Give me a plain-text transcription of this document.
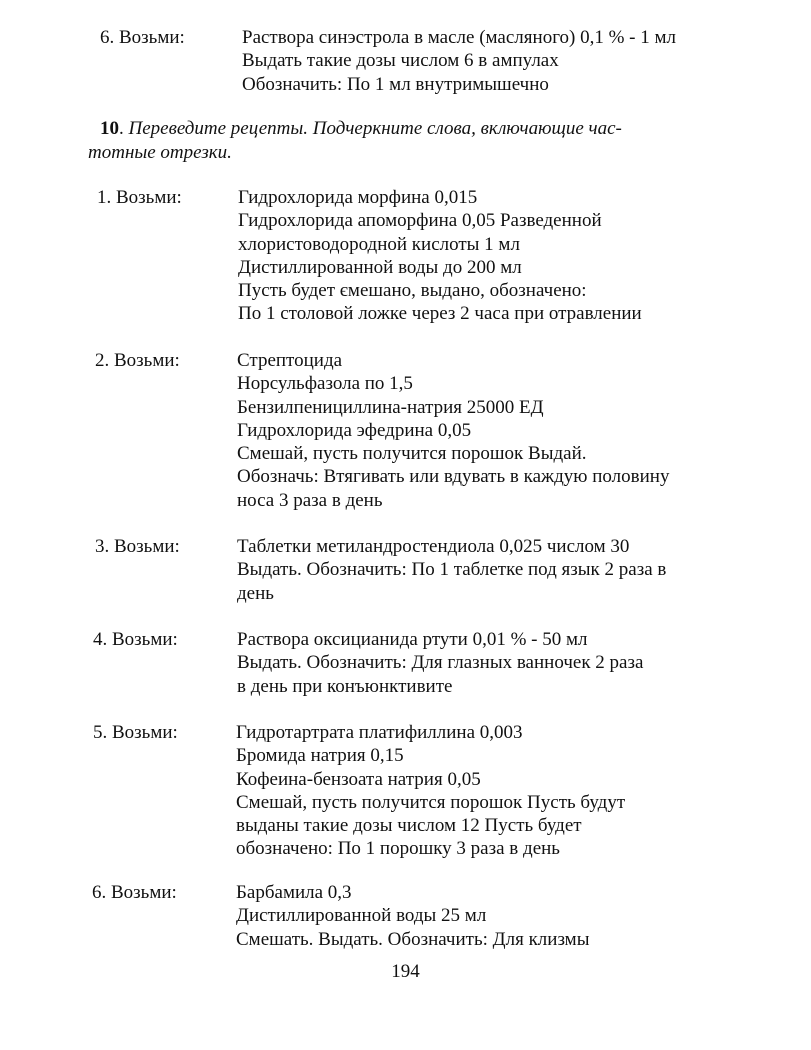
6. Возьми:	Раствора синэстрола в масле (масляного) 0,1 % - 1 мл
Выдать такие дозы числом 6 в ампулах
Обозначить: По 1 мл внутримышечно
10. Переведите рецепты. Подчеркните слова, включающие час-
тотные отрезки.
1. Возьми:	Гидрохлорида морфина 0,015
Гидрохлорида апоморфина 0,05 Разведенной
хлористоводородной кислоты 1 мл
Дистиллированной воды до 200 мл
Пусть будет ємешано, выдано, обозначено:
По 1 столовой ложке через 2 часа при отравлении
2. Возьми:	Стрептоцида
Норсульфазола по 1,5
Бензилпенициллина-натрия 25000 ЕД
Гидрохлорида эфедрина 0,05
Смешай, пусть получится порошок Выдай.
Обозначь: Втягивать или вдувать в каждую половину
носа 3 раза в день
3. Возьми:	Таблетки метиландростендиола 0,025 числом 30
Выдать. Обозначить: По 1 таблетке под язык 2 раза в
день
4. Возьми:	Раствора оксицианида ртути 0,01 % - 50 мл
Выдать. Обозначить: Для глазных ванночек 2 раза
в день при конъюнктивите
5. Возьми:	Гидротартрата платифиллина 0,003
Бромида натрия 0,15
Кофеина-бензоата натрия 0,05
Смешай, пусть получится порошок Пусть будут
выданы такие дозы числом 12 Пусть будет
обозначено: По 1 порошку 3 раза в день
6. Возьми:	Барбамила 0,3
Дистиллированной воды 25 мл
Смешать. Выдать. Обозначить: Для клизмы
194
